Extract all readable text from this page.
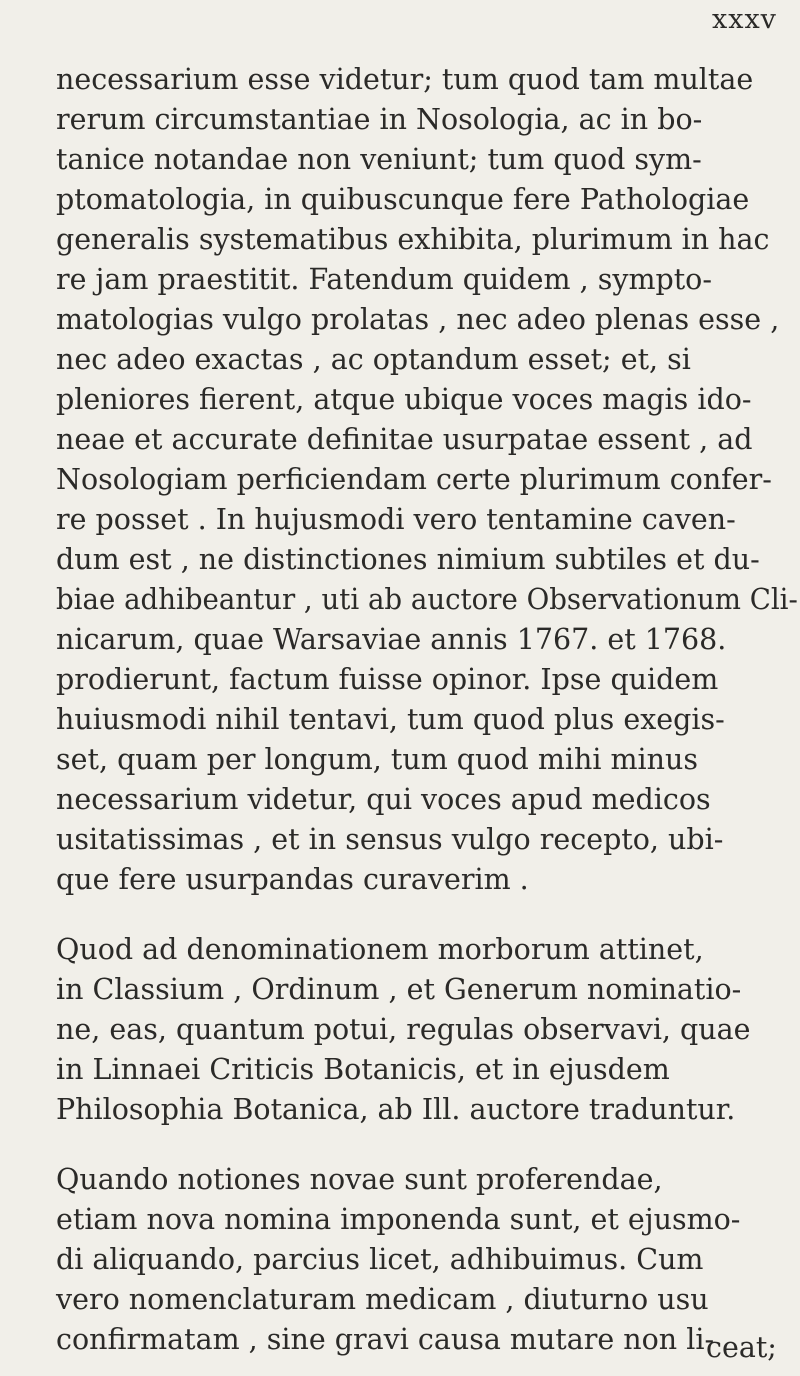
xxxv
necessarium esse videtur; tum quod tam multae
rerum circumstantiae in Nosologia, ac in bo-
tanice notandae non veniunt; tum quod sym-
ptomatologia, in quibuscunque fere Pathologiae
generalis systematibus exhibita, plurimum in hac
re jam praestitit. Fatendum quidem , sympto-
matologias vulgo prolatas , nec adeo plenas esse ,
nec adeo exactas , ac optandum esset; et, si
pleniores fierent, atque ubique voces magis ido-
neae et accurate definitae usurpatae essent , ad
Nosologiam perficiendam certe plurimum confer-
re posset . In hujusmodi vero tentamine caven-
dum est , ne distinctiones nimium subtiles et du-
biae adhibeantur , uti ab auctore Observationum Cli-
nicarum, quae Warsaviae annis 1767. et 1768.
prodierunt, factum fuisse opinor. Ipse quidem
huiusmodi nihil tentavi, tum quod plus exegis-
set, quam per longum, tum quod mihi minus
necessarium videtur, qui voces apud medicos
usitatissimas , et in sensus vulgo recepto, ubi-
que fere usurpandas curaverim .
Quod ad denominationem morborum attinet,
in Classium , Ordinum , et Generum nominatio-
ne, eas, quantum potui, regulas observavi, quae
in Linnaei Criticis Botanicis, et in ejusdem
Philosophia Botanica, ab Ill. auctore traduntur.
Quando notiones novae sunt proferendae,
etiam nova nomina imponenda sunt, et ejusmo-
di aliquando, parcius licet, adhibuimus. Cum
vero nomenclaturam medicam , diuturno usu
confirmatam , sine gravi causa mutare non li-
ceat;
